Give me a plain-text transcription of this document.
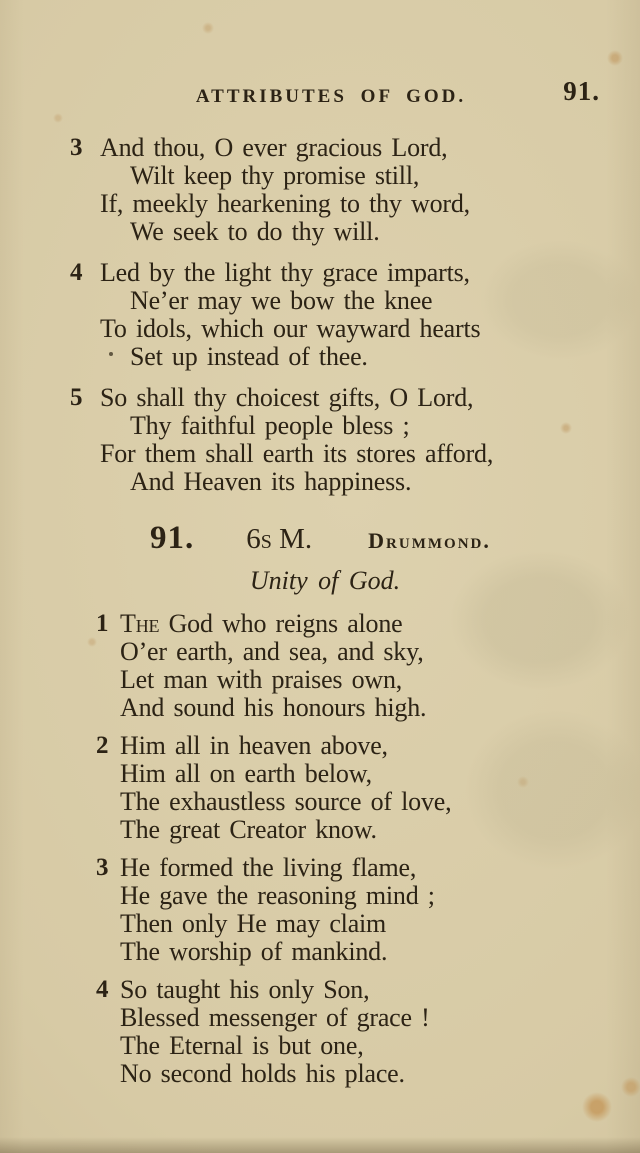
ATTRIBUTES OF GOD.	91.
3 And thou, O ever gracious Lord,
Wilt keep thy promise still,
If, meekly hearkening to thy word,
We seek to do thy will.
4 Led by the light thy grace imparts,
Ne’er may we bow the knee
To idols, which our wayward hearts
Set up instead of thee.
5 So shall thy choicest gifts, O Lord,
Thy faithful people bless ;
For them shall earth its stores afford,
And Heaven its happiness.
91. 6s M.	Drummond.
Unity of God.
1 The God who reigns alone
O’er earth, and sea, and sky,
Let man with praises own,
And sound his honours high.
2 Him all in heaven above,
Him all on earth below,
The exhaustless source of love,
The great Creator know.
3 He formed the living flame,
He gave the reasoning mind ;
Then only He may claim
The worship of mankind.
4 So taught his only Son,
Blessed messenger of grace !
The Eternal is but one,
No second holds his place.
